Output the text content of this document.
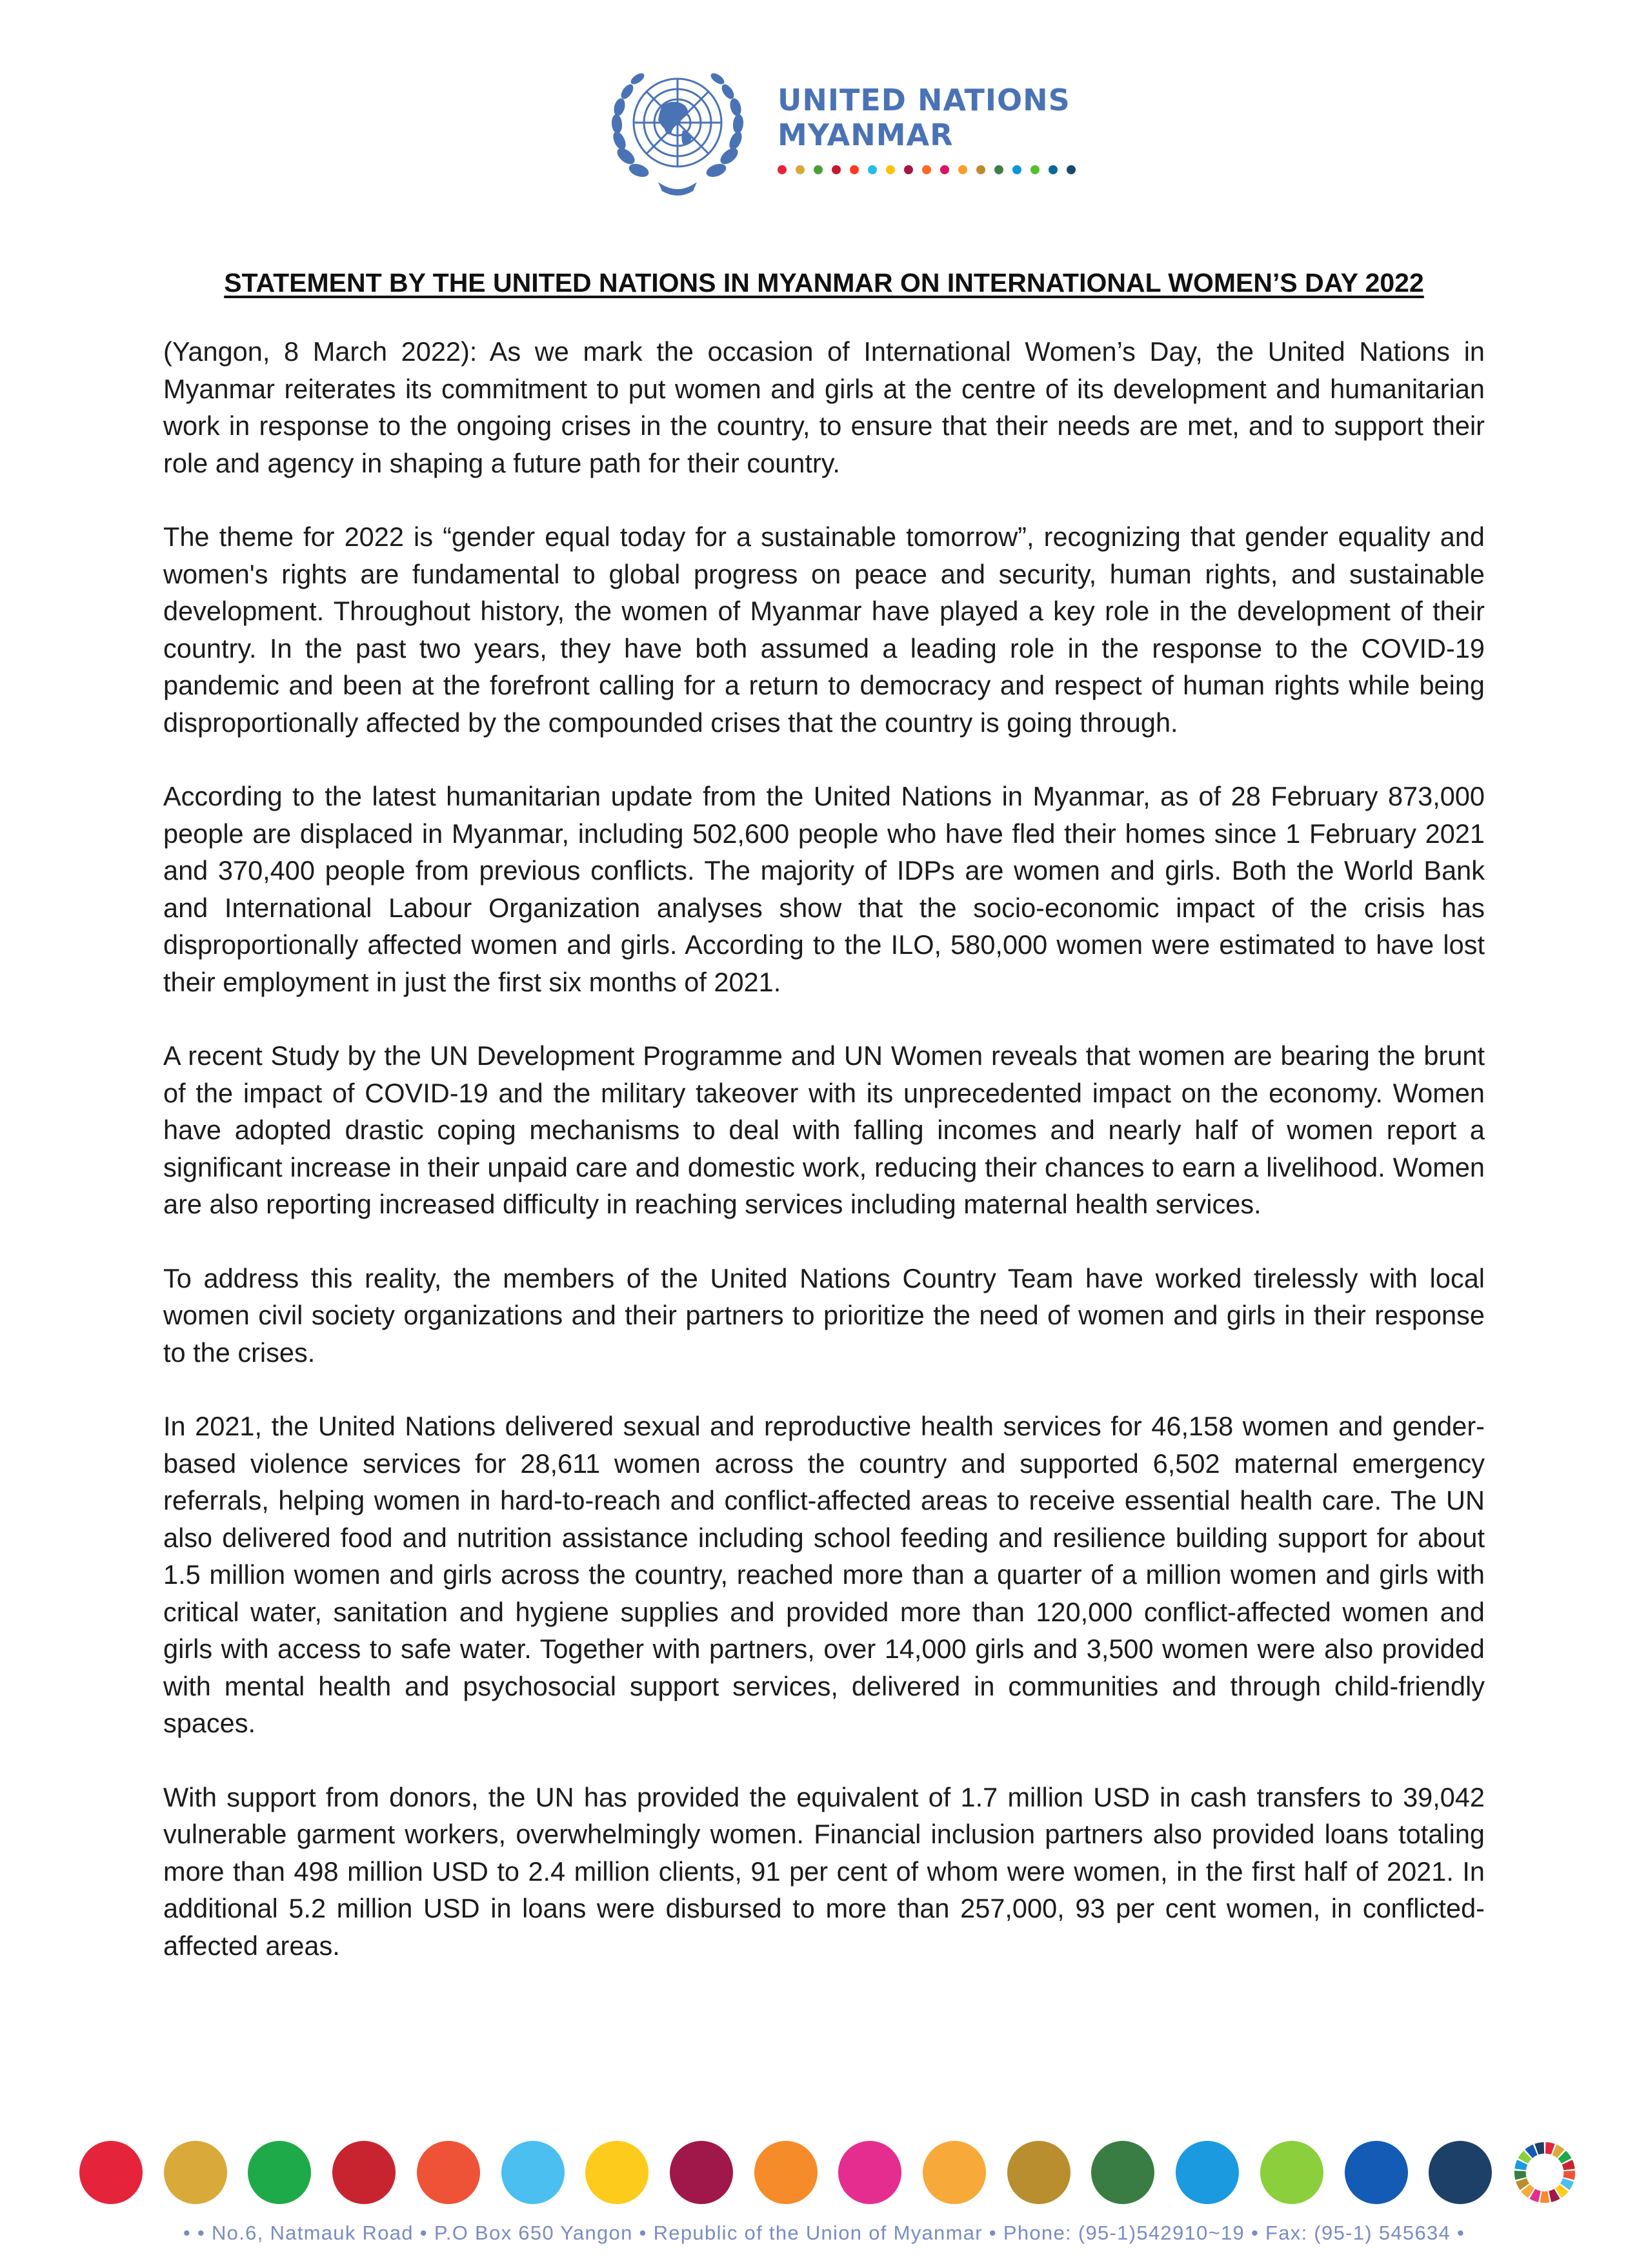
UNITED NATIONS
MYANMAR
STATEMENT BY THE UNITED NATIONS IN MYANMAR ON INTERNATIONAL WOMEN’S DAY 2022

(Yangon, 8 March 2022): As we mark the occasion of International Women’s Day, the United Nations in Myanmar reiterates its commitment to put women and girls at the centre of its development and humanitarian work in response to the ongoing crises in the country, to ensure that their needs are met, and to support their role and agency in shaping a future path for their country.

The theme for 2022 is “gender equal today for a sustainable tomorrow”, recognizing that gender equality and women's rights are fundamental to global progress on peace and security, human rights, and sustainable development. Throughout history, the women of Myanmar have played a key role in the development of their country. In the past two years, they have both assumed a leading role in the response to the COVID-19 pandemic and been at the forefront calling for a return to democracy and respect of human rights while being disproportionally affected by the compounded crises that the country is going through.

According to the latest humanitarian update from the United Nations in Myanmar, as of 28 February 873,000 people are displaced in Myanmar, including 502,600 people who have fled their homes since 1 February 2021 and 370,400 people from previous conflicts. The majority of IDPs are women and girls. Both the World Bank and International Labour Organization analyses show that the socio-economic impact of the crisis has disproportionally affected women and girls. According to the ILO, 580,000 women were estimated to have lost their employment in just the first six months of 2021.

A recent Study by the UN Development Programme and UN Women reveals that women are bearing the brunt of the impact of COVID-19 and the military takeover with its unprecedented impact on the economy. Women have adopted drastic coping mechanisms to deal with falling incomes and nearly half of women report a significant increase in their unpaid care and domestic work, reducing their chances to earn a livelihood. Women are also reporting increased difficulty in reaching services including maternal health services.

To address this reality, the members of the United Nations Country Team have worked tirelessly with local women civil society organizations and their partners to prioritize the need of women and girls in their response to the crises.

In 2021, the United Nations delivered sexual and reproductive health services for 46,158 women and gender-based violence services for 28,611 women across the country and supported 6,502 maternal emergency referrals, helping women in hard-to-reach and conflict-affected areas to receive essential health care. The UN also delivered food and nutrition assistance including school feeding and resilience building support for about 1.5 million women and girls across the country, reached more than a quarter of a million women and girls with critical water, sanitation and hygiene supplies and provided more than 120,000 conflict-affected women and girls with access to safe water. Together with partners, over 14,000 girls and 3,500 women were also provided with mental health and psychosocial support services, delivered in communities and through child-friendly spaces.

With support from donors, the UN has provided the equivalent of 1.7 million USD in cash transfers to 39,042 vulnerable garment workers, overwhelmingly women. Financial inclusion partners also provided loans totaling more than 498 million USD to 2.4 million clients, 91 per cent of whom were women, in the first half of 2021. In additional 5.2 million USD in loans were disbursed to more than 257,000, 93 per cent women, in conflicted-affected areas.

• • No.6, Natmauk Road • P.O Box 650 Yangon • Republic of the Union of Myanmar • Phone: (95-1)542910~19 • Fax: (95-1) 545634 •
